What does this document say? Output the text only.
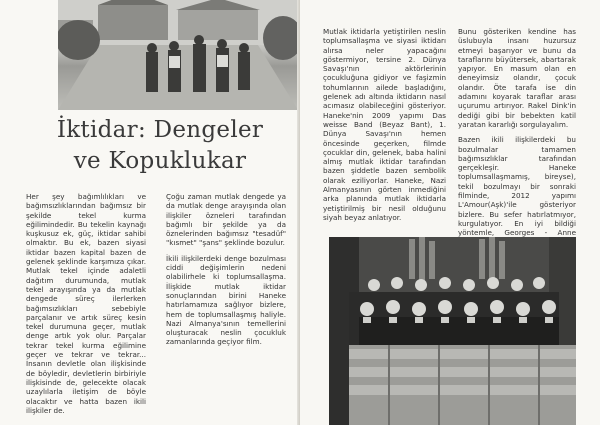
İktidar: Dengeler
ve Kopuklukar

Her şey bağımlılıkları ve bağımsızlıklarından bağımsız bir şekilde tekel kurma eğilimindedir. Bu tekelin kaynağı kuşkusuz ek, güç, iktidar sahibi olmaktır. Bu ek, bazen siyasi iktidar bazen kapital bazen de gelenek şeklinde karşımıza çıkar. Mutlak tekel içinde adaletli dağıtım durumunda, mutlak tekel arayışında ya da mutlak dengede süreç ilerlerken bağımsızlıkları sebebiyle parçalanır ve artık süreç kesin tekel durumuna geçer, mutlak denge artık yok olur. Parçalar tekrar tekel kurma eğilimine geçer ve tekrar ve tekrar... İnsanın devletle olan ilişkisinde de böyledir, devletlerin birbiriyle ilişkisinde de, gelecekte olacak uzaylılarla iletişim de böyle olacaktır ve hatta bazen ikili ilişkiler de.

Çoğu zaman mutlak dengede ya da mutlak denge arayışında olan ilişkiler özneleri tarafından bağımlı bir şekilde ya da öznelerinden bağımsız "tesadüf" "kısmet" "şans" şeklinde bozulur.

İkili ilişkilerdeki denge bozulması ciddi değişimlerin nedeni olabilirhele ki toplumsallaşma. İlişkide mutlak iktidar sonuçlarından birini Haneke hatırlamamıza sağlıyor bizlere, hem de toplumsallaşmış haliyle. Nazi Almanya'sının temellerini oluşturacak neslin çocukluk zamanlarında geçiyor film.

Mutlak iktidarla yetiştirilen neslin toplumsallaşma ve siyasi iktidarı alırsa neler yapacağını göstermiyor, tersine 2. Dünya Savaşı'nın aktörlerinin çocukluğuna gidiyor ve faşizmin tohumlarının ailede başladığını, gelenek adı altında iktidarın nasıl acımasız olabileceğini gösteriyor. Haneke'nin 2009 yapımı Das weisse Band (Beyaz Bant), 1. Dünya Savaşı'nın hemen öncesinde geçerken, filmde çocuklar din, gelenek, baba halini almış mutlak iktidar tarafından bazen şiddetle bazen sembolik olarak eziliyorlar. Haneke, Nazi Almanyasının görten inmediğini arka planında mutlak iktidarla yetiştirilmiş bir nesil olduğunu siyah beyaz anlatıyor.

Bunu gösteriken kendine has üslubuyla insanı huzursuz etmeyi başarıyor ve bunu da taraflarını büyütersek, abartarak yapıyor. En masum olan en deneyimsiz olandır, çocuk olandır. Öte tarafa ise din adamını koyarak taraflar arası uçurumu artırıyor. Rakel Dink'in dediği gibi bir bebekten katil yaratan kararlığı sorgulayalım.

Bazen ikili ilişkilerdeki bu bozulmalar tamamen bağımsızlıklar tarafından gerçekleşir. Haneke toplumsallaşmamış, bireyse), tekil bozulmayı bir sonraki filminde, 2012 yapımı L'Amour(Aşk)'ile gösteriyor bizlere. Bu sefer hatırlatmıyor, kurgulatıyor. En iyi bildiği yöntemle, Georges - Anne
